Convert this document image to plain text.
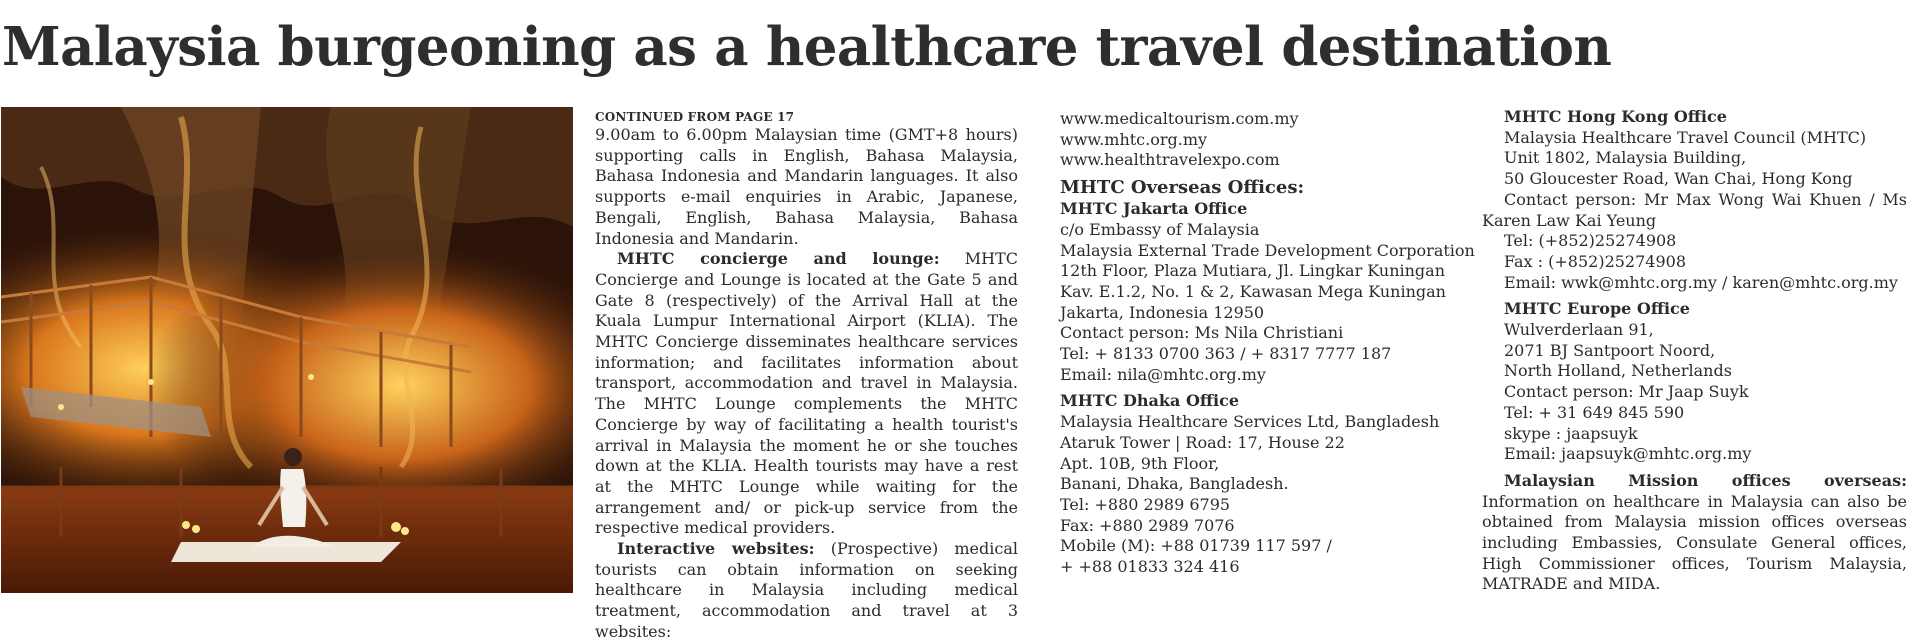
Malaysia burgeoning as a healthcare travel destination

CONTINUED FROM PAGE 17

9.00am to 6.00pm Malaysian time (GMT+8 hours) supporting calls in English, Bahasa Malaysia, Bahasa Indonesia and Mandarin languages. It also supports e-mail enquiries in Arabic, Japanese, Bengali, English, Bahasa Malaysia, Bahasa Indonesia and Mandarin.

MHTC concierge and lounge: MHTC Concierge and Lounge is located at the Gate 5 and Gate 8 (respectively) of the Arrival Hall at the Kuala Lumpur International Airport (KLIA). The MHTC Concierge disseminates healthcare services information; and facilitates information about transport, accommodation and travel in Malaysia. The MHTC Lounge complements the MHTC Concierge by way of facilitating a health tourist's arrival in Malaysia the moment he or she touches down at the KLIA. Health tourists may have a rest at the MHTC Lounge while waiting for the arrangement and/ or pick-up service from the respective medical providers.

Interactive websites: (Prospective) medical tourists can obtain information on seeking healthcare in Malaysia including medical treatment, accommodation and travel at 3 websites:

www.medicaltourism.com.my

www.mhtc.org.my

www.healthtravelexpo.com

MHTC Overseas Offices:

MHTC Jakarta Office

c/o Embassy of Malaysia

Malaysia External Trade Development Corporation

12th Floor, Plaza Mutiara, Jl. Lingkar Kuningan

Kav. E.1.2, No. 1 & 2, Kawasan Mega Kuningan

Jakarta, Indonesia 12950

Contact person: Ms Nila Christiani

Tel: + 8133 0700 363 / + 8317 7777 187

Email: nila@mhtc.org.my

MHTC Dhaka Office

Malaysia Healthcare Services Ltd, Bangladesh

Ataruk Tower | Road: 17, House 22

Apt. 10B, 9th Floor,

Banani, Dhaka, Bangladesh.

Tel: +880 2989 6795

Fax: +880 2989 7076

Mobile (M): +88 01739 117 597 /

+ +88 01833 324 416

MHTC Hong Kong Office

Malaysia Healthcare Travel Council (MHTC)

Unit 1802, Malaysia Building,

50 Gloucester Road, Wan Chai, Hong Kong

Contact person: Mr Max Wong Wai Khuen / Ms Karen Law Kai Yeung

Tel: (+852)25274908

Fax : (+852)25274908

Email: wwk@mhtc.org.my / karen@mhtc.org.my

MHTC Europe Office

Wulverderlaan 91,

2071 BJ Santpoort Noord,

North Holland, Netherlands

Contact person: Mr Jaap Suyk

Tel: + 31 649 845 590

skype : jaapsuyk

Email: jaapsuyk@mhtc.org.my

Malaysian Mission offices overseas: Information on healthcare in Malaysia can also be obtained from Malaysia mission offices overseas including Embassies, Consulate General offices, High Commissioner offices, Tourism Malaysia, MATRADE and MIDA.
